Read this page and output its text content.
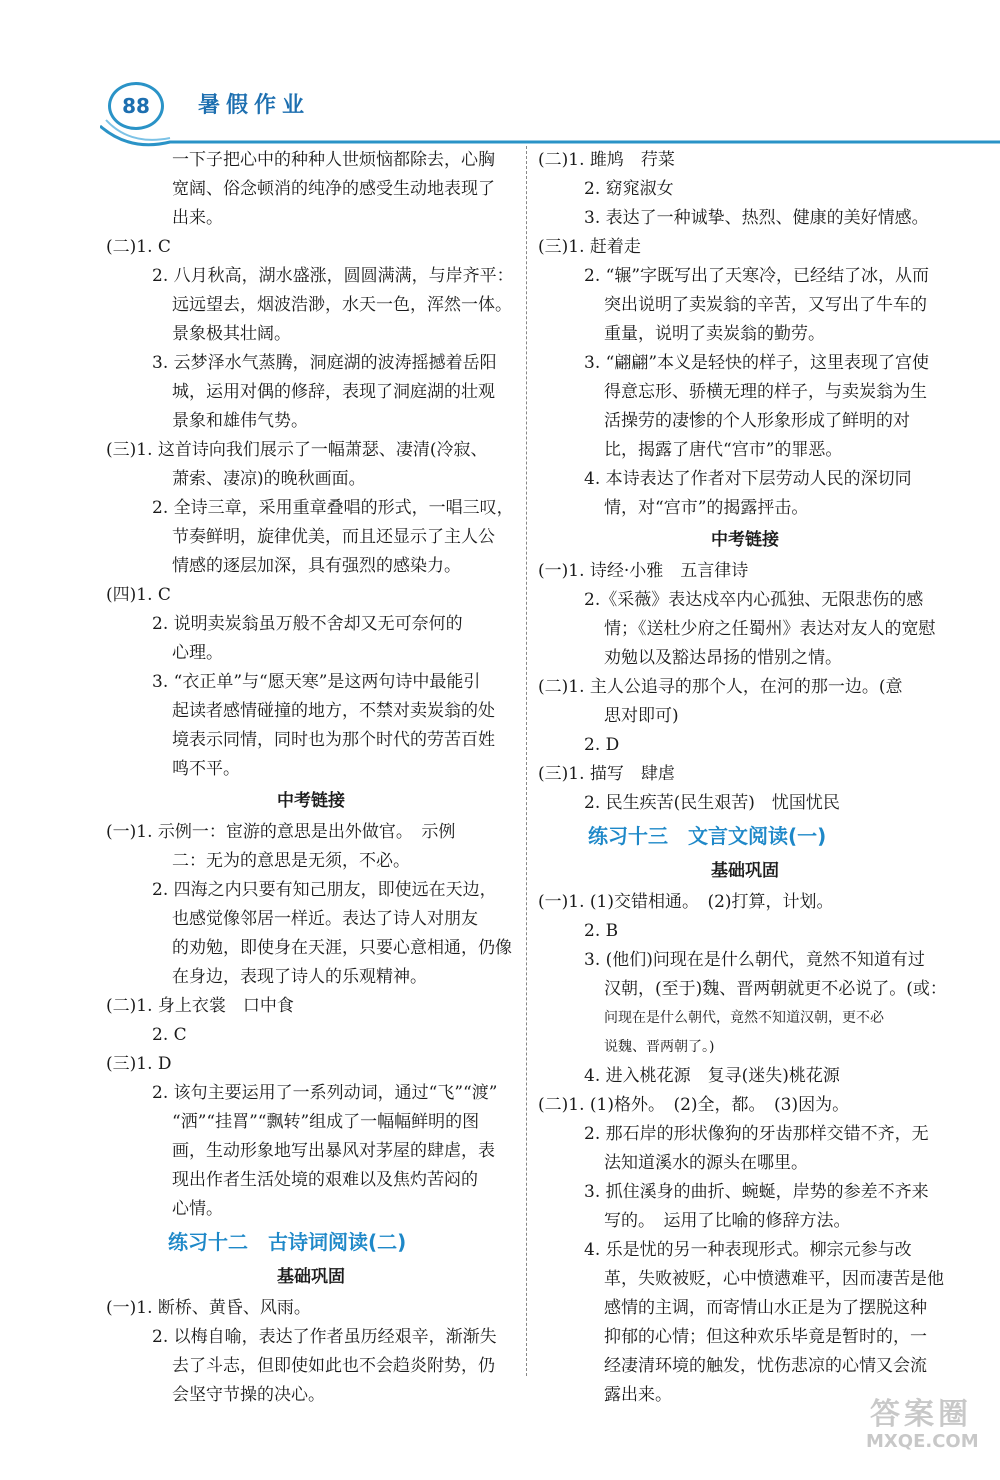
88	暑假作业
一下子把心中的种种人世烦恼都除去，心胸
宽阔、俗念顿消的纯净的感受生动地表现了
出来。
(二)1. C
2. 八月秋高，湖水盛涨，圆圆满满，与岸齐平：
远远望去，烟波浩渺，水天一色，浑然一体。
景象极其壮阔。
3. 云梦泽水气蒸腾，洞庭湖的波涛摇撼着岳阳
城，运用对偶的修辞，表现了洞庭湖的壮观
景象和雄伟气势。
(三)1. 这首诗向我们展示了一幅萧瑟、凄清(冷寂、
萧索、凄凉)的晚秋画面。
2. 全诗三章，采用重章叠唱的形式，一唱三叹，
节奏鲜明，旋律优美，而且还显示了主人公
情感的逐层加深，具有强烈的感染力。
(四)1. C
2. 说明卖炭翁虽万般不舍却又无可奈何的
心理。
3. “衣正单”与“愿天寒”是这两句诗中最能引
起读者感情碰撞的地方，不禁对卖炭翁的处
境表示同情，同时也为那个时代的劳苦百姓
鸣不平。
中考链接
(一)1. 示例一：宦游的意思是出外做官。　示例
二：无为的意思是无须，不必。
2. 四海之内只要有知己朋友，即使远在天边，
也感觉像邻居一样近。表达了诗人对朋友
的劝勉，即使身在天涯，只要心意相通，仍像
在身边，表现了诗人的乐观精神。
(二)1. 身上衣裳　口中食
2. C
(三)1. D
2. 该句主要运用了一系列动词，通过“飞”“渡”
“洒”“挂罥”“飘转”组成了一幅幅鲜明的图
画，生动形象地写出暴风对茅屋的肆虐，表
现出作者生活处境的艰难以及焦灼苦闷的
心情。
练习十二　古诗词阅读(二)
基础巩固
(一)1. 断桥、黄昏、风雨。
2. 以梅自喻，表达了作者虽历经艰辛，渐渐失
去了斗志，但即使如此也不会趋炎附势，仍
会坚守节操的决心。
(二)1. 雎鸠　荇菜
2. 窈窕淑女
3. 表达了一种诚挚、热烈、健康的美好情感。
(三)1. 赶着走
2. “辗”字既写出了天寒冷，已经结了冰，从而
突出说明了卖炭翁的辛苦，又写出了牛车的
重量，说明了卖炭翁的勤劳。
3. “翩翩”本义是轻快的样子，这里表现了宫使
得意忘形、骄横无理的样子，与卖炭翁为生
活操劳的凄惨的个人形象形成了鲜明的对
比，揭露了唐代“宫市”的罪恶。
4. 本诗表达了作者对下层劳动人民的深切同
情，对“宫市”的揭露抨击。
中考链接
(一)1. 诗经·小雅　五言律诗
2.《采薇》表达戍卒内心孤独、无限悲伤的感
情；《送杜少府之任蜀州》表达对友人的宽慰
劝勉以及豁达昂扬的惜别之情。
(二)1. 主人公追寻的那个人，在河的那一边。(意
思对即可)
2. D
(三)1. 描写　肆虐
2. 民生疾苦(民生艰苦)　忧国忧民
练习十三　文言文阅读(一)
基础巩固
(一)1. (1)交错相通。　(2)打算，计划。
2. B
3. (他们)问现在是什么朝代，竟然不知道有过
汉朝，(至于)魏、晋两朝就更不必说了。(或：
问现在是什么朝代，竟然不知道汉朝，更不必
说魏、晋两朝了。)
4. 进入桃花源　复寻(迷失)桃花源
(二)1. (1)格外。　(2)全，都。　(3)因为。
2. 那石岸的形状像狗的牙齿那样交错不齐，无
法知道溪水的源头在哪里。
3. 抓住溪身的曲折、蜿蜒，岸势的参差不齐来
写的。　运用了比喻的修辞方法。
4. 乐是忧的另一种表现形式。柳宗元参与改
革，失败被贬，心中愤懑难平，因而凄苦是他
感情的主调，而寄情山水正是为了摆脱这种
抑郁的心情；但这种欢乐毕竟是暂时的，一
经凄清环境的触发，忧伤悲凉的心情又会流
露出来。
答案圈
MXQE.COM
